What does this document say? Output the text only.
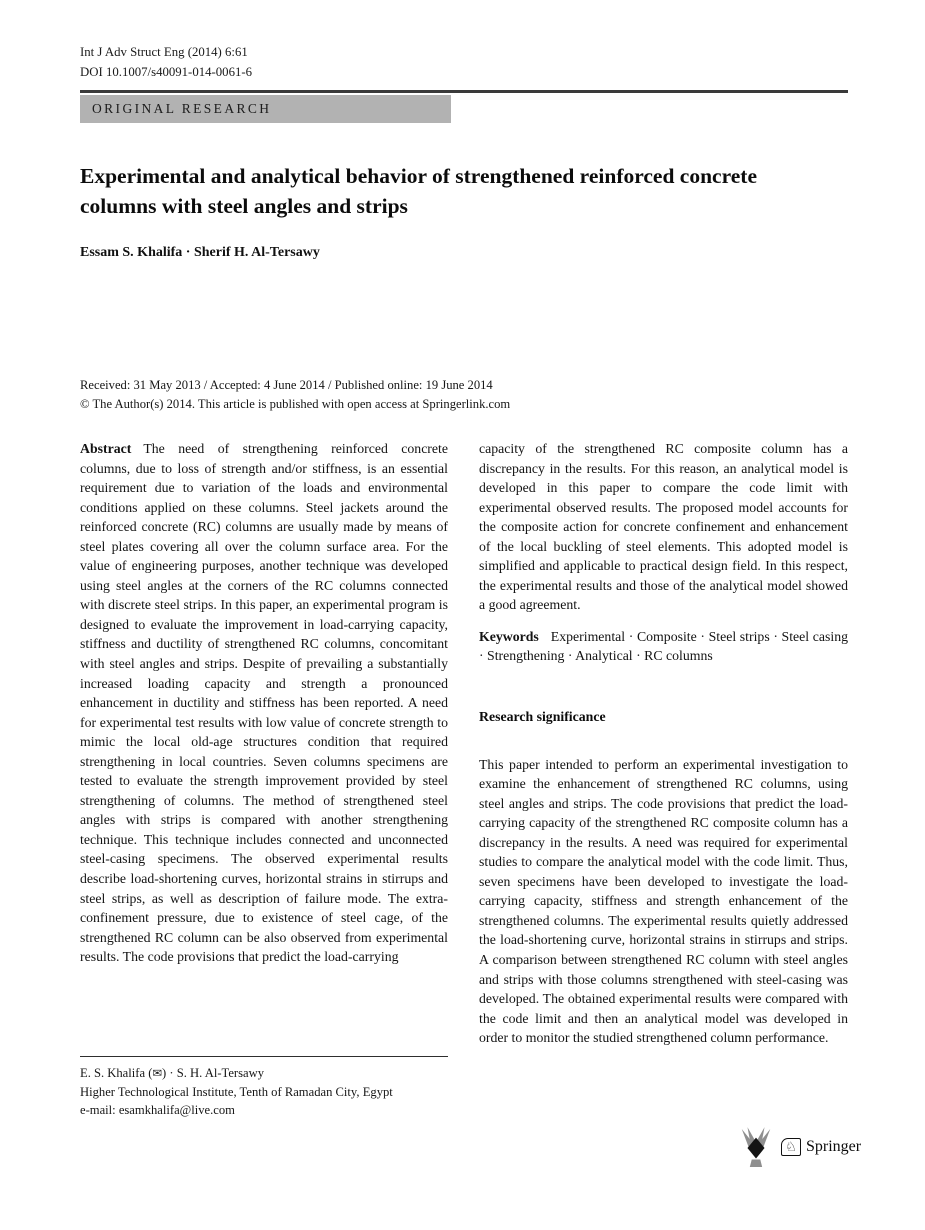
Int J Adv Struct Eng (2014) 6:61
DOI 10.1007/s40091-014-0061-6
ORIGINAL RESEARCH
Experimental and analytical behavior of strengthened reinforced concrete columns with steel angles and strips
Essam S. Khalifa · Sherif H. Al-Tersawy
Received: 31 May 2013 / Accepted: 4 June 2014 / Published online: 19 June 2014
© The Author(s) 2014. This article is published with open access at Springerlink.com

Abstract The need of strengthening reinforced concrete columns, due to loss of strength and/or stiffness, is an essential requirement due to variation of the loads and environmental conditions applied on these columns. Steel jackets around the reinforced concrete (RC) columns are usually made by means of steel plates covering all over the column surface area. For the value of engineering purposes, another technique was developed using steel angles at the corners of the RC columns connected with discrete steel strips. In this paper, an experimental program is designed to evaluate the improvement in load-carrying capacity, stiffness and ductility of strengthened RC columns, concomitant with steel angles and strips. Despite of prevailing a substantially increased loading capacity and strength a pronounced enhancement in ductility and stiffness has been reported. A need for experimental test results with low value of concrete strength to mimic the local old-age structures condition that required strengthening in local countries. Seven columns specimens are tested to evaluate the strength improvement provided by steel strengthening of columns. The method of strengthened steel angles with strips is compared with another strengthening technique. This technique includes connected and unconnected steel-casing specimens. The observed experimental results describe load-shortening curves, horizontal strains in stirrups and steel strips, as well as description of failure mode. The extra-confinement pressure, due to existence of steel cage, of the strengthened RC column can be also observed from experimental results. The code provisions that predict the load-carrying

capacity of the strengthened RC composite column has a discrepancy in the results. For this reason, an analytical model is developed in this paper to compare the code limit with experimental observed results. The proposed model accounts for the composite action for concrete confinement and enhancement of the local buckling of steel elements. This adopted model is simplified and applicable to practical design field. In this respect, the experimental results and those of the analytical model showed a good agreement.

Keywords Experimental · Composite · Steel strips · Steel casing · Strengthening · Analytical · RC columns

Research significance

This paper intended to perform an experimental investigation to examine the enhancement of strengthened RC columns, using steel angles and strips. The code provisions that predict the load-carrying capacity of the strengthened RC composite column has a discrepancy in the results. A need was required for experimental studies to compare the analytical model with the code limit. Thus, seven specimens have been developed to investigate the load-carrying capacity, stiffness and strength enhancement of the strengthened columns. The experimental results quietly addressed the load-shortening curve, horizontal strains in stirrups and strips. A comparison between strengthened RC column with steel angles and strips with those columns strengthened with steel-casing was developed. The obtained experimental results were compared with the code limit and then an analytical model was developed in order to monitor the studied strengthened column performance.

E. S. Khalifa (✉) · S. H. Al-Tersawy
Higher Technological Institute, Tenth of Ramadan City, Egypt
e-mail: esamkhalifa@live.com
♘ Springer
